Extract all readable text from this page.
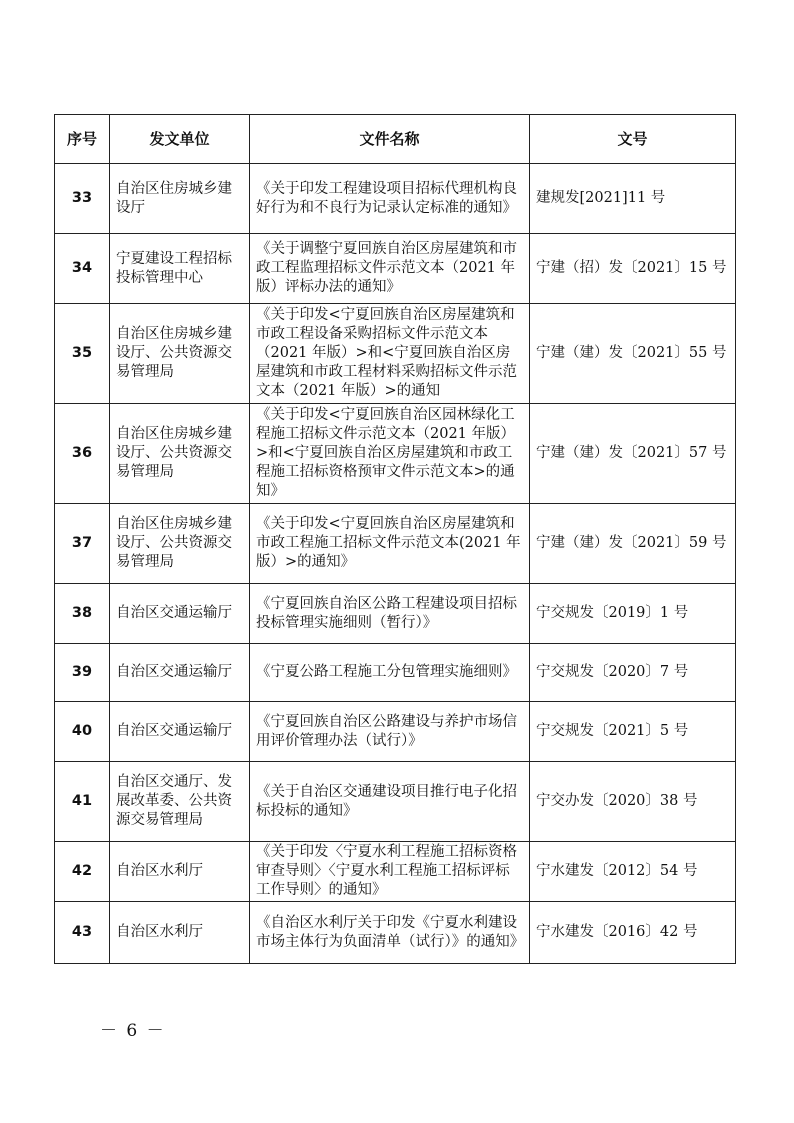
序号	发文单位	文件名称	文号
33	自治区住房城乡建设厅	《关于印发工程建设项目招标代理机构良好行为和不良行为记录认定标准的通知》	建规发[2021]11 号
34	宁夏建设工程招标投标管理中心	《关于调整宁夏回族自治区房屋建筑和市政工程监理招标文件示范文本（2021 年版）评标办法的通知》	宁建（招）发〔2021〕15 号
35	自治区住房城乡建设厅、公共资源交易管理局	《关于印发<宁夏回族自治区房屋建筑和市政工程设备采购招标文件示范文本（2021 年版）>和<宁夏回族自治区房屋建筑和市政工程材料采购招标文件示范文本（2021 年版）>的通知	宁建（建）发〔2021〕55 号
36	自治区住房城乡建设厅、公共资源交易管理局	《关于印发<宁夏回族自治区园林绿化工程施工招标文件示范文本（2021 年版）>和<宁夏回族自治区房屋建筑和市政工程施工招标资格预审文件示范文本>的通知》	宁建（建）发〔2021〕57 号
37	自治区住房城乡建设厅、公共资源交易管理局	《关于印发<宁夏回族自治区房屋建筑和市政工程施工招标文件示范文本(2021 年版）>的通知》	宁建（建）发〔2021〕59 号
38	自治区交通运输厅	《宁夏回族自治区公路工程建设项目招标投标管理实施细则（暂行）》	宁交规发〔2019〕1 号
39	自治区交通运输厅	《宁夏公路工程施工分包管理实施细则》	宁交规发〔2020〕7 号
40	自治区交通运输厅	《宁夏回族自治区公路建设与养护市场信用评价管理办法（试行）》	宁交规发〔2021〕5 号
41	自治区交通厅、发展改革委、公共资源交易管理局	《关于自治区交通建设项目推行电子化招标投标的通知》	宁交办发〔2020〕38 号
42	自治区水利厅	《关于印发〈宁夏水利工程施工招标资格审查导则〉〈宁夏水利工程施工招标评标工作导则〉的通知》	宁水建发〔2012〕54 号
43	自治区水利厅	《自治区水利厅关于印发《宁夏水利建设市场主体行为负面清单（试行）》的通知》	宁水建发〔2016〕42 号
－ 6 －
